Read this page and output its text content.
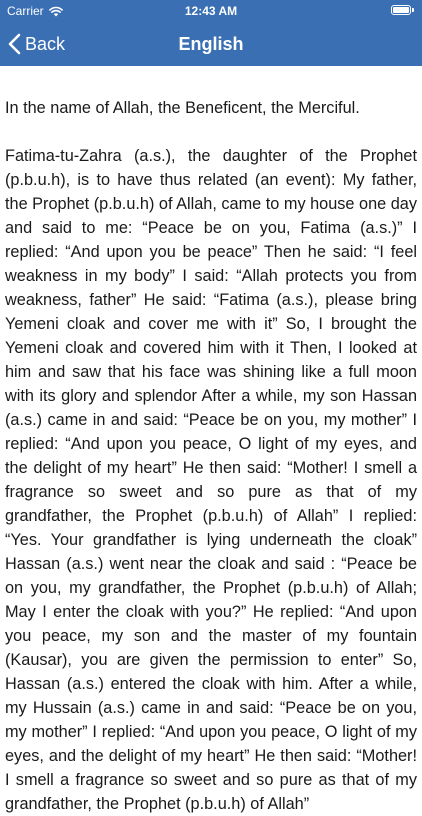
Carrier	12:43 AM
Back	English

In the name of Allah, the Beneficent, the Merciful.

Fatima-tu-Zahra (a.s.), the daughter of the Prophet (p.b.u.h), is to have thus related (an event): My father, the Prophet (p.b.u.h) of Allah, came to my house one day and said to me: “Peace be on you, Fatima (a.s.)” I replied: “And upon you be peace” Then he said: “I feel weakness in my body” I said: “Allah protects you from weakness, father” He said: “Fatima (a.s.), please bring Yemeni cloak and cover me with it” So, I brought the Yemeni cloak and covered him with it Then, I looked at him and saw that his face was shining like a full moon with its glory and splendor After a while, my son Hassan (a.s.) came in and said: “Peace be on you, my mother” I replied: “And upon you peace, O light of my eyes, and the delight of my heart” He then said: “Mother! I smell a fragrance so sweet and so pure as that of my grandfather, the Prophet (p.b.u.h) of Allah” I replied: “Yes. Your grandfather is lying underneath the cloak” Hassan (a.s.) went near the cloak and said : “Peace be on you, my grandfather, the Prophet (p.b.u.h) of Allah; May I enter the cloak with you?” He replied: “And upon you peace, my son and the master of my fountain (Kausar), you are given the permission to enter” So, Hassan (a.s.) entered the cloak with him. After a while, my Hussain (a.s.) came in and said: “Peace be on you, my mother” I replied: “And upon you peace, O light of my eyes, and the delight of my heart” He then said: “Mother! I smell a fragrance so sweet and so pure as that of my grandfather, the Prophet (p.b.u.h) of Allah”
